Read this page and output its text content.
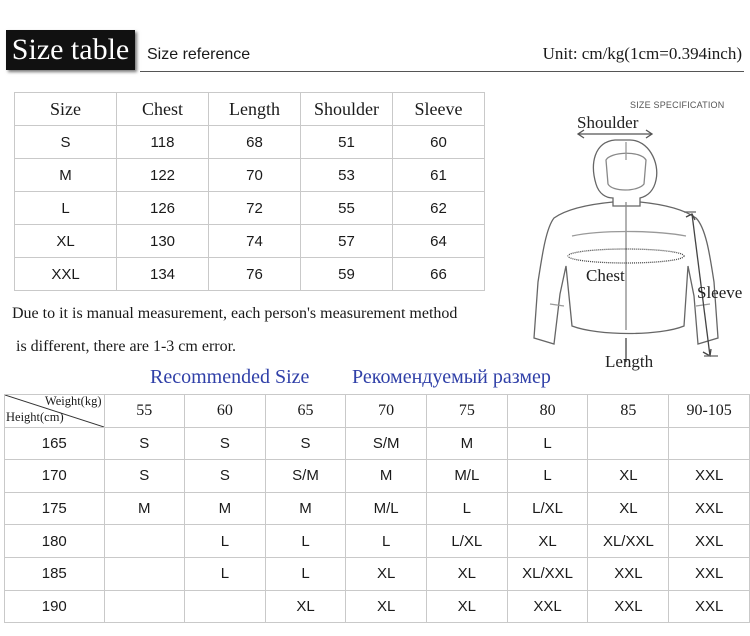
Size table	Size reference	Unit: cm/kg(1cm=0.394inch)
Size	Chest	Length	Shoulder	Sleeve
S	118	68	51	60
M	122	70	53	61
L	126	72	55	62
XL	130	74	57	64
XXL	134	76	59	66
Due to it is manual measurement, each person's measurement method
is different, there are 1-3 cm error.
SIZE SPECIFICATION
Shoulder
Chest
Sleeve
Length
Recommended Size Рекомендуемый размер
Weight(kg)
Height(cm)	55	60	65	70	75	80	85	90-105
165	S	S	S	S/M	M	L		
170	S	S	S/M	M	M/L	L	XL	XXL
175	M	M	M	M/L	L	L/XL	XL	XXL
180		L	L	L	L/XL	XL	XL/XXL	XXL
185		L	L	XL	XL	XL/XXL	XXL	XXL
190			XL	XL	XL	XXL	XXL	XXL
